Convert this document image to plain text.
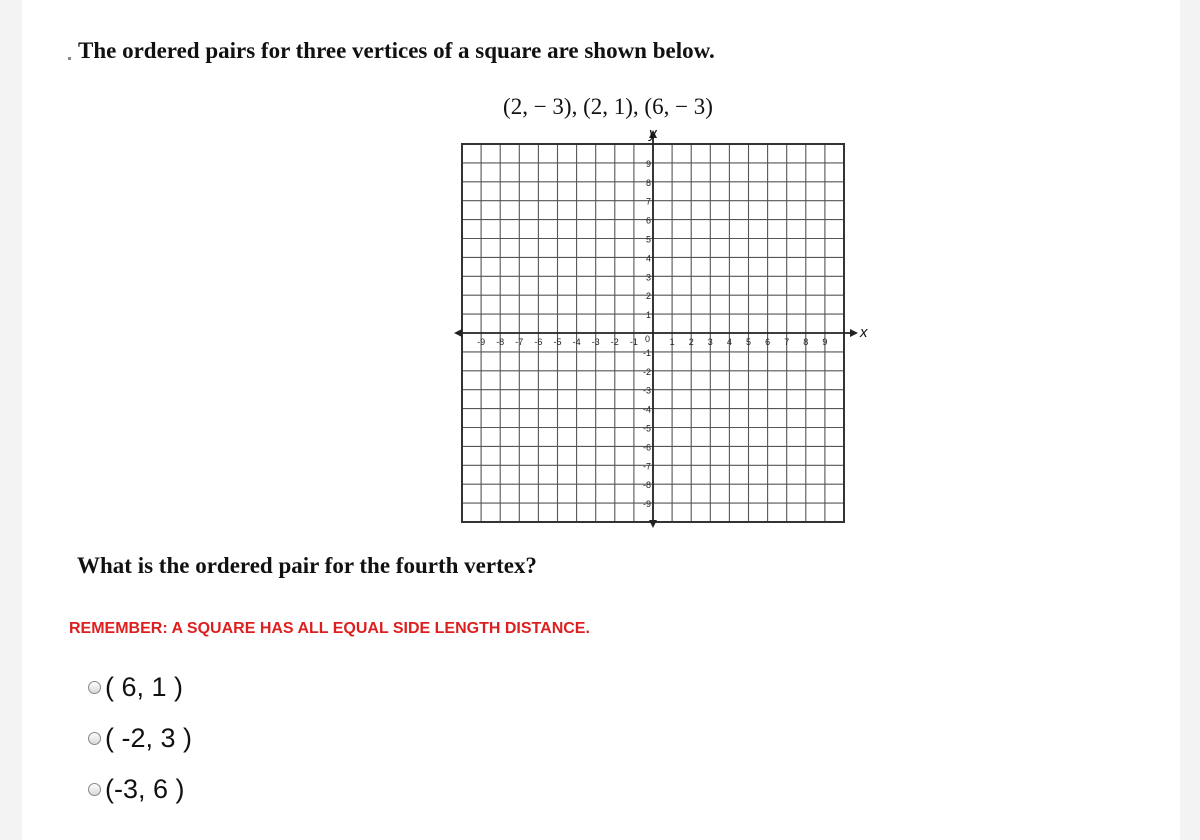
The ordered pairs for three vertices of a square are shown below.
(2, − 3), (2, 1), (6, − 3)
x
y
-9 -8 -7 -6 -5 -4 -3 -2 -1	1 2 3 4 5 6 7 8 9
0
1
2
3
4
5
6
7
8
9
-1
-2
-3
-4
-5
-6
-7
-8
-9
What is the ordered pair for the fourth vertex?
REMEMBER: A SQUARE HAS ALL EQUAL SIDE LENGTH DISTANCE.
( 6, 1 )
( -2, 3 )
(-3, 6 )
